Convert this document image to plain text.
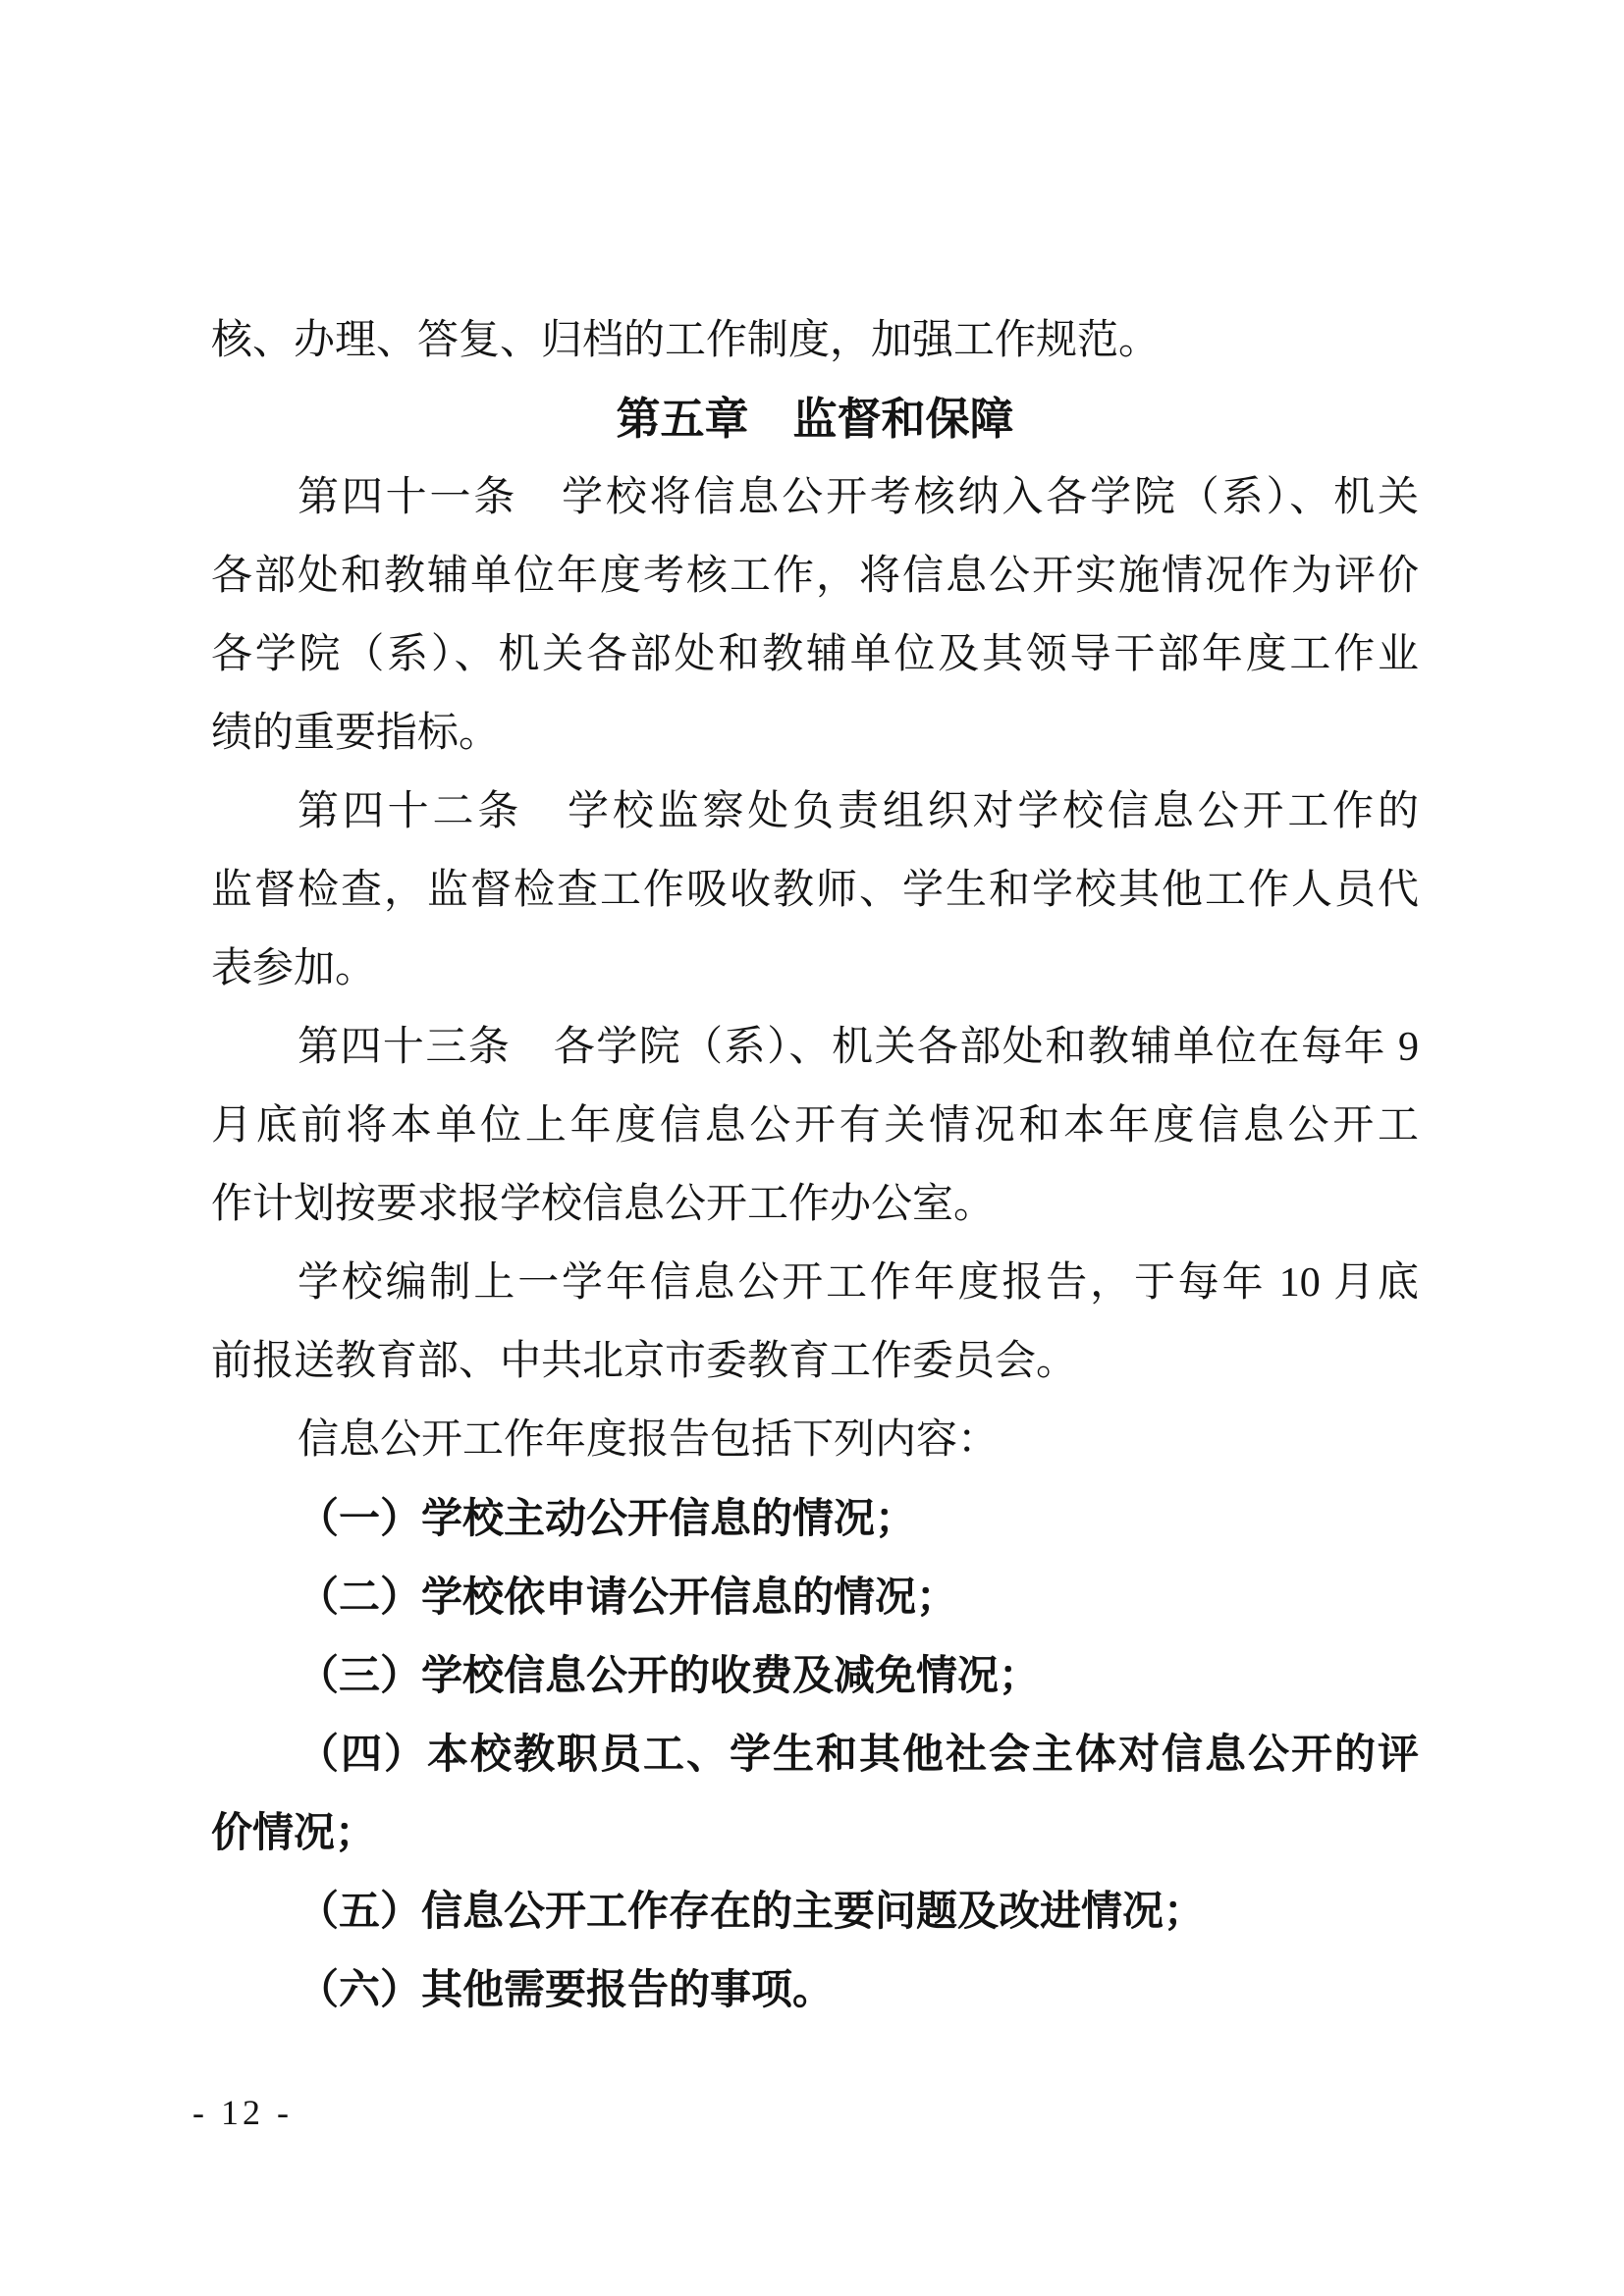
核、办理、答复、归档的工作制度，加强工作规范。
第五章　监督和保障
第四十一条　学校将信息公开考核纳入各学院（系）、机关
各部处和教辅单位年度考核工作，将信息公开实施情况作为评价
各学院（系）、机关各部处和教辅单位及其领导干部年度工作业
绩的重要指标。
第四十二条　学校监察处负责组织对学校信息公开工作的
监督检查，监督检查工作吸收教师、学生和学校其他工作人员代
表参加。
第四十三条　各学院（系）、机关各部处和教辅单位在每年 9
月底前将本单位上年度信息公开有关情况和本年度信息公开工
作计划按要求报学校信息公开工作办公室。
学校编制上一学年信息公开工作年度报告，于每年 10 月底
前报送教育部、中共北京市委教育工作委员会。
信息公开工作年度报告包括下列内容：
（一）学校主动公开信息的情况；
（二）学校依申请公开信息的情况；
（三）学校信息公开的收费及减免情况；
（四）本校教职员工、学生和其他社会主体对信息公开的评
价情况；
（五）信息公开工作存在的主要问题及改进情况；
（六）其他需要报告的事项。
- 12 -
